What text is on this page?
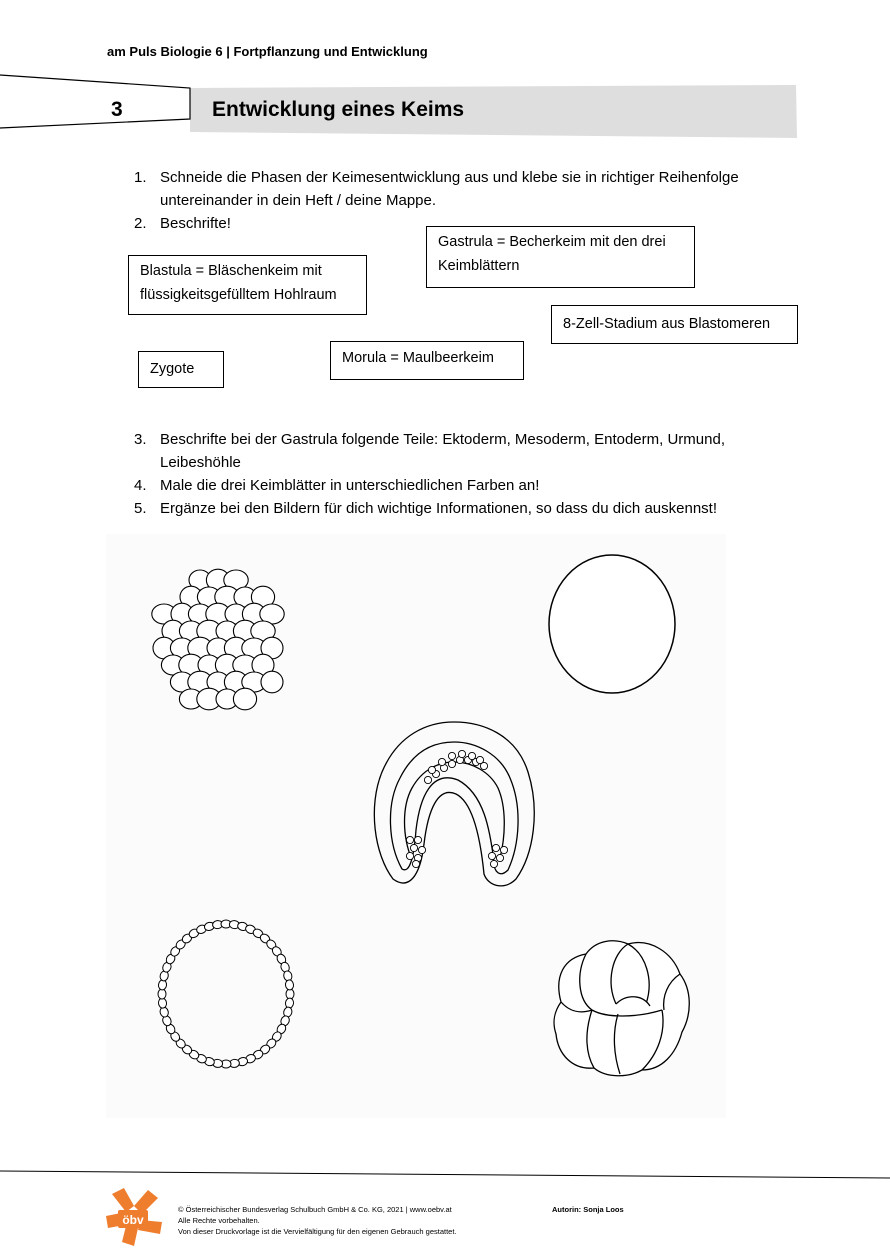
am Puls Biologie 6 | Fortpflanzung und Entwicklung
3	Entwicklung eines Keims
1. Schneide die Phasen der Keimesentwicklung aus und klebe sie in richtiger Reihenfolge untereinander in dein Heft / deine Mappe.
2. Beschrifte!
Gastrula = Becherkeim mit den drei Keimblättern
Blastula = Bläschenkeim mit flüssigkeitsgefülltem Hohlraum
8-Zell-Stadium aus Blastomeren
Zygote
Morula = Maulbeerkeim
3. Beschrifte bei der Gastrula folgende Teile: Ektoderm, Mesoderm, Entoderm, Urmund, Leibeshöhle
4. Male die drei Keimblätter in unterschiedlichen Farben an!
5. Ergänze bei den Bildern für dich wichtige Informationen, so dass du dich auskennst!
öbv
© Österreichischer Bundesverlag Schulbuch GmbH & Co. KG, 2021 | www.oebv.at
Alle Rechte vorbehalten.
Von dieser Druckvorlage ist die Vervielfältigung für den eigenen Gebrauch gestattet.
Autorin: Sonja Loos
